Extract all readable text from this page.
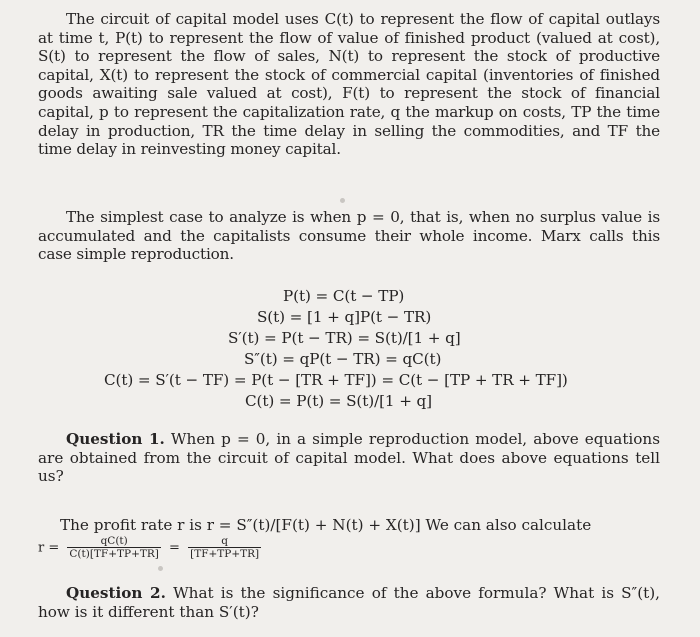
The circuit of capital model uses C(t) to represent the flow of capital outlays at time t, P(t) to represent the flow of value of finished product (valued at cost), S(t) to represent the flow of sales, N(t) to represent the stock of productive capital, X(t) to represent the stock of commercial capital (inventories of finished goods awaiting sale valued at cost), F(t) to represent the stock of financial capital, p to represent the capitalization rate, q the markup on costs, TP the time delay in production, TR the time delay in selling the commodities, and TF the time delay in reinvesting money capital.
The simplest case to analyze is when p = 0, that is, when no surplus value is accumulated and the capitalists consume their whole income. Marx calls this case simple reproduction.
P(t) = C(t − TP)
S(t) = [1 + q]P(t − TR)
S′(t) = P(t − TR) = S(t)/[1 + q]
S″(t) = qP(t − TR) = qC(t)
C(t) = S′(t − TF) = P(t − [TR + TF]) = C(t − [TP + TR + TF])
C(t) = P(t) = S(t)/[1 + q]
Question 1. When p = 0, in a simple reproduction model, above equations are obtained from the circuit of capital model. What does above equations tell us?
The profit rate r is r = S″(t)/[F(t) + N(t) + X(t)] We can also calculate
$r = \frac{qC(t)}{C(t)[TF+TP+TR]} = \frac{q}{[TF+TP+TR]}$
Question 2. What is the significance of the above formula? What is S″(t), how is it different than S′(t)?
